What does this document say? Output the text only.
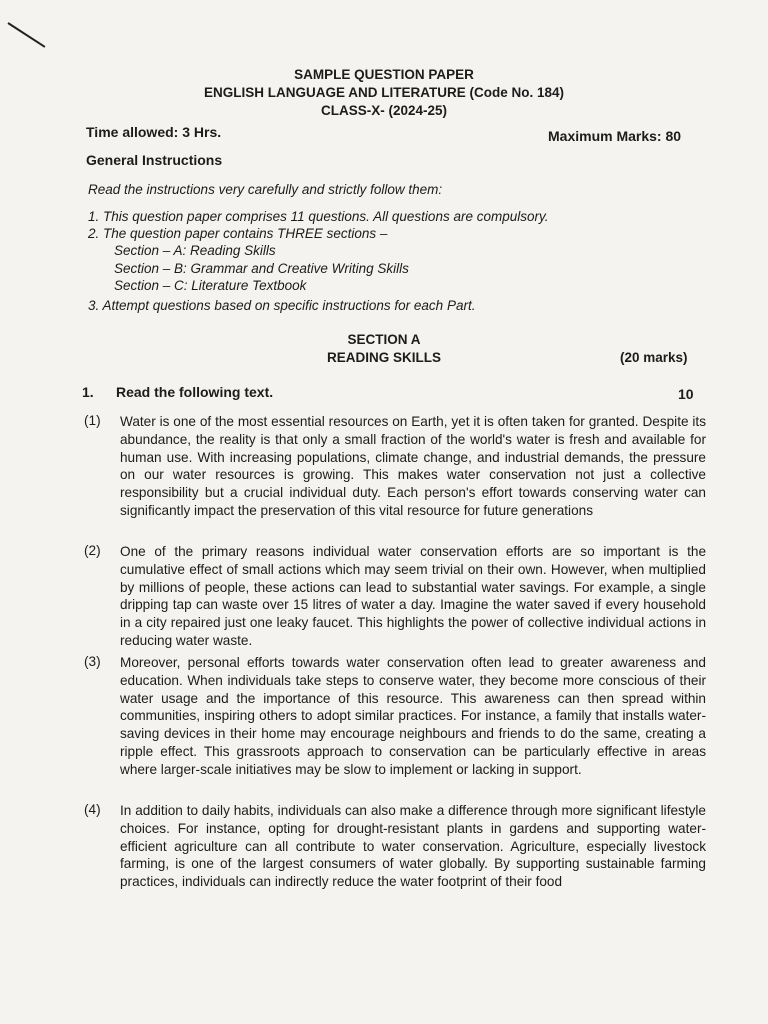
SAMPLE QUESTION PAPER
ENGLISH LANGUAGE AND LITERATURE (Code No. 184)
CLASS-X- (2024-25)
Time allowed: 3 Hrs.	Maximum Marks: 80
General Instructions
Read the instructions very carefully and strictly follow them:
1. This question paper comprises 11 questions. All questions are compulsory.
2. The question paper contains THREE sections –
Section – A: Reading Skills
Section – B: Grammar and Creative Writing Skills
Section – C: Literature Textbook
3. Attempt questions based on specific instructions for each Part.
SECTION A
READING SKILLS	(20 marks)
1. Read the following text.	10
(1) Water is one of the most essential resources on Earth, yet it is often taken for granted. Despite its abundance, the reality is that only a small fraction of the world's water is fresh and available for human use. With increasing populations, climate change, and industrial demands, the pressure on our water resources is growing. This makes water conservation not just a collective responsibility but a crucial individual duty. Each person's effort towards conserving water can significantly impact the preservation of this vital resource for future generations
(2) One of the primary reasons individual water conservation efforts are so important is the cumulative effect of small actions which may seem trivial on their own. However, when multiplied by millions of people, these actions can lead to substantial water savings. For example, a single dripping tap can waste over 15 litres of water a day. Imagine the water saved if every household in a city repaired just one leaky faucet. This highlights the power of collective individual actions in reducing water waste.
(3) Moreover, personal efforts towards water conservation often lead to greater awareness and education. When individuals take steps to conserve water, they become more conscious of their water usage and the importance of this resource. This awareness can then spread within communities, inspiring others to adopt similar practices. For instance, a family that installs water-saving devices in their home may encourage neighbours and friends to do the same, creating a ripple effect. This grassroots approach to conservation can be particularly effective in areas where larger-scale initiatives may be slow to implement or lacking in support.
(4) In addition to daily habits, individuals can also make a difference through more significant lifestyle choices. For instance, opting for drought-resistant plants in gardens and supporting water-efficient agriculture can all contribute to water conservation. Agriculture, especially livestock farming, is one of the largest consumers of water globally. By supporting sustainable farming practices, individuals can indirectly reduce the water footprint of their food
